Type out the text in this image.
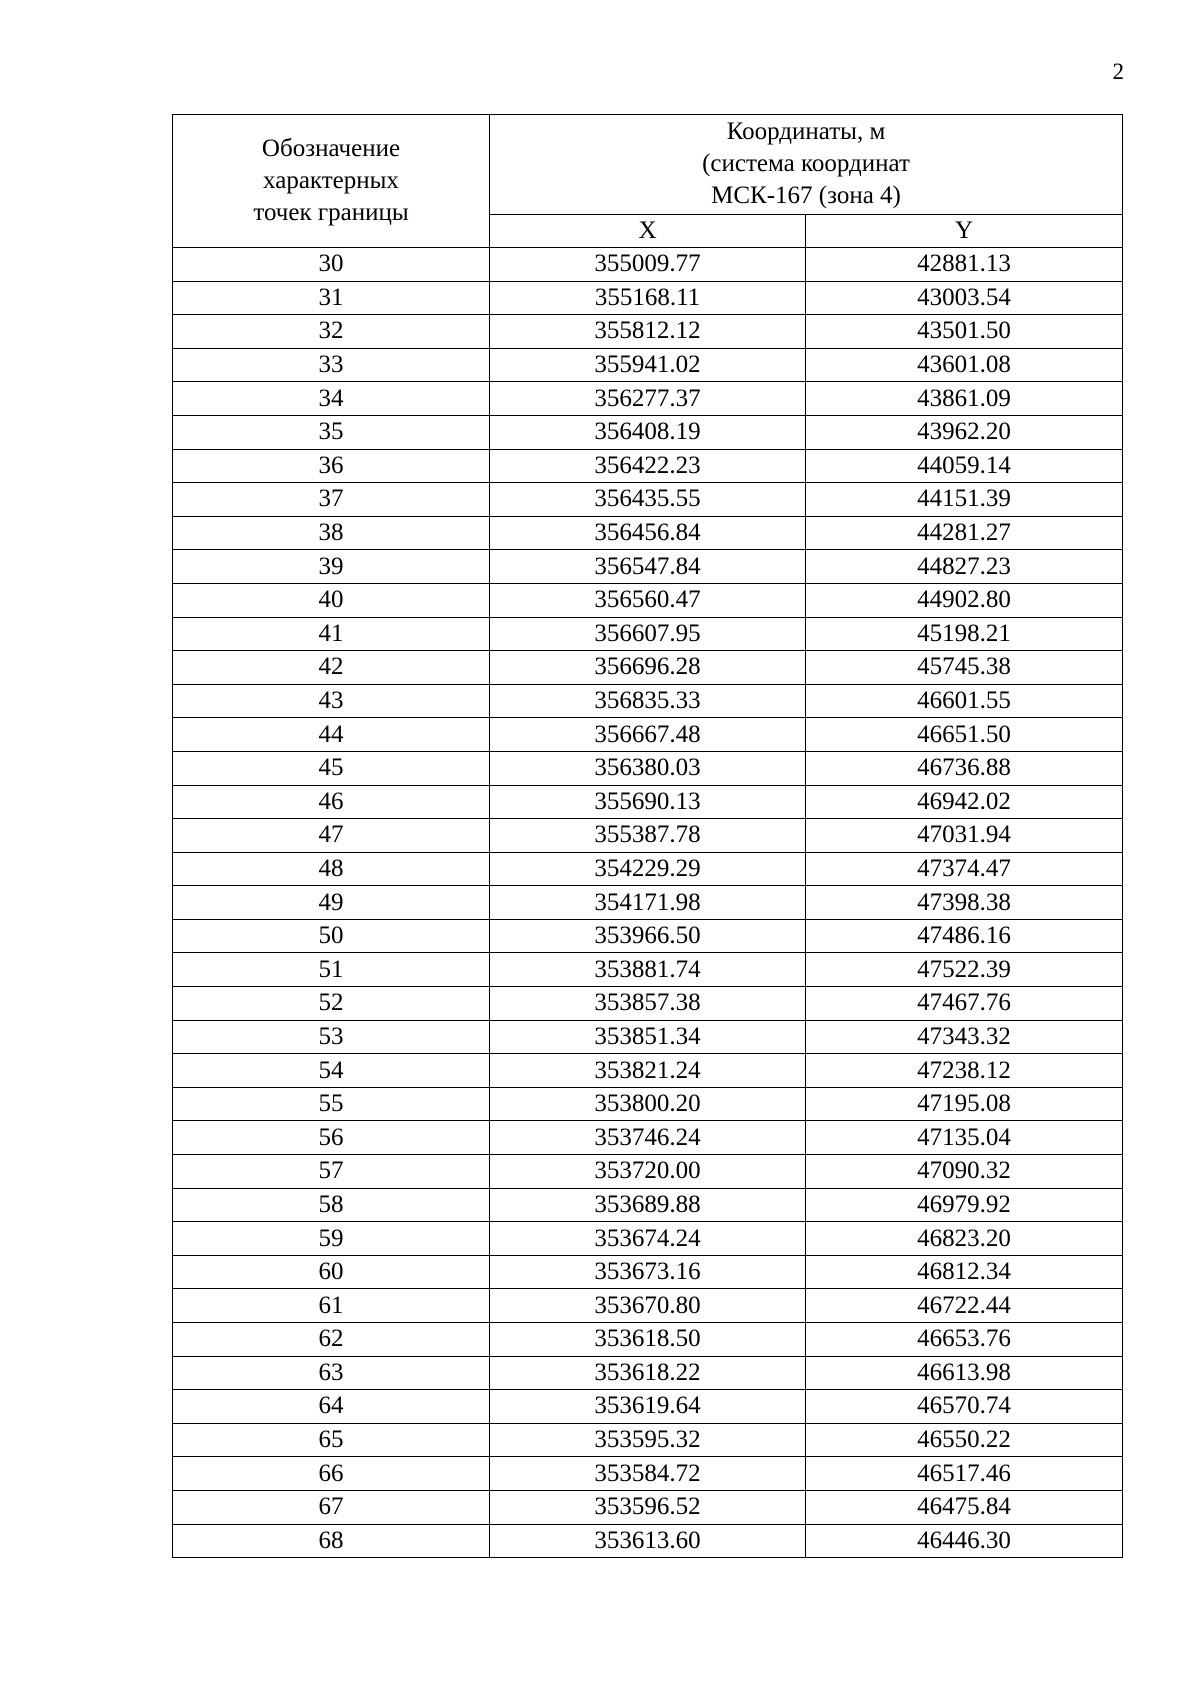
2
Обозначение
характерных
точек границы	Координаты, м
(система координат
МСК-167 (зона 4)	

	X	Y
30	355009.77	42881.13
31	355168.11	43003.54
32	355812.12	43501.50
33	355941.02	43601.08
34	356277.37	43861.09
35	356408.19	43962.20
36	356422.23	44059.14
37	356435.55	44151.39
38	356456.84	44281.27
39	356547.84	44827.23
40	356560.47	44902.80
41	356607.95	45198.21
42	356696.28	45745.38
43	356835.33	46601.55
44	356667.48	46651.50
45	356380.03	46736.88
46	355690.13	46942.02
47	355387.78	47031.94
48	354229.29	47374.47
49	354171.98	47398.38
50	353966.50	47486.16
51	353881.74	47522.39
52	353857.38	47467.76
53	353851.34	47343.32
54	353821.24	47238.12
55	353800.20	47195.08
56	353746.24	47135.04
57	353720.00	47090.32
58	353689.88	46979.92
59	353674.24	46823.20
60	353673.16	46812.34
61	353670.80	46722.44
62	353618.50	46653.76
63	353618.22	46613.98
64	353619.64	46570.74
65	353595.32	46550.22
66	353584.72	46517.46
67	353596.52	46475.84
68	353613.60	46446.30
